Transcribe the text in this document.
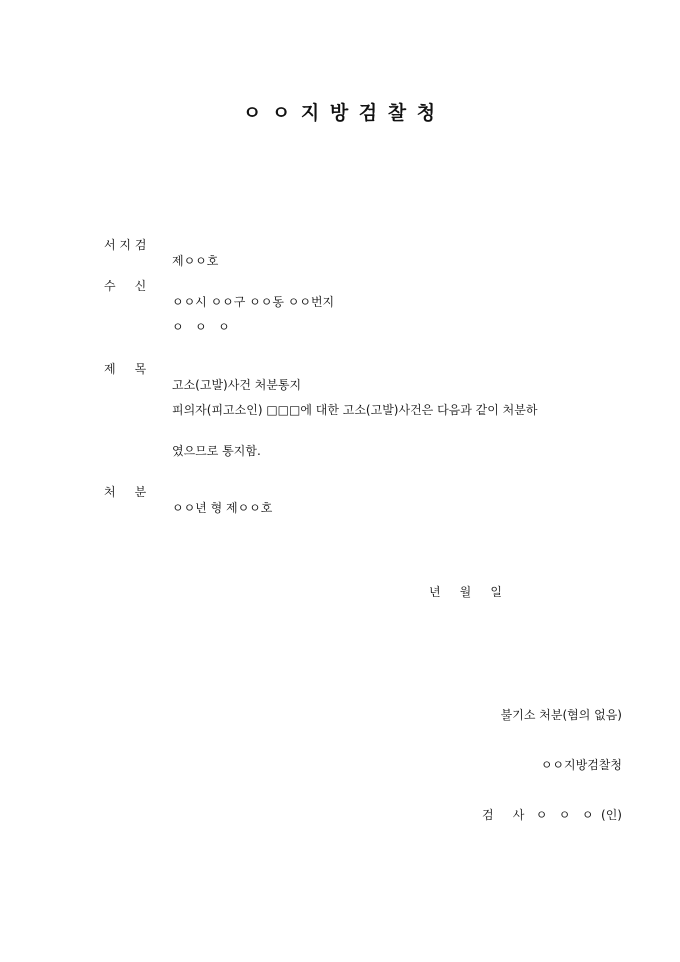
ㅇ ㅇ 지 방 검 찰 청

서 지 검

제ㅇㅇ호

수     신

ㅇㅇ시 ㅇㅇ구 ㅇㅇ동 ㅇㅇ번지

ㅇ   ㅇ   ㅇ

제     목

고소(고발)사건 처분통지

피의자(피고소인) □□□에 대한 고소(고발)사건은 다음과 같이 처분하

였으므로 통지함.

처     분

ㅇㅇ년 형 제ㅇㅇ호

년     월     일
불기소 처분(혐의 없음)
ㅇㅇ지방검찰청
검     사   ㅇ   ㅇ   ㅇ  (인)
